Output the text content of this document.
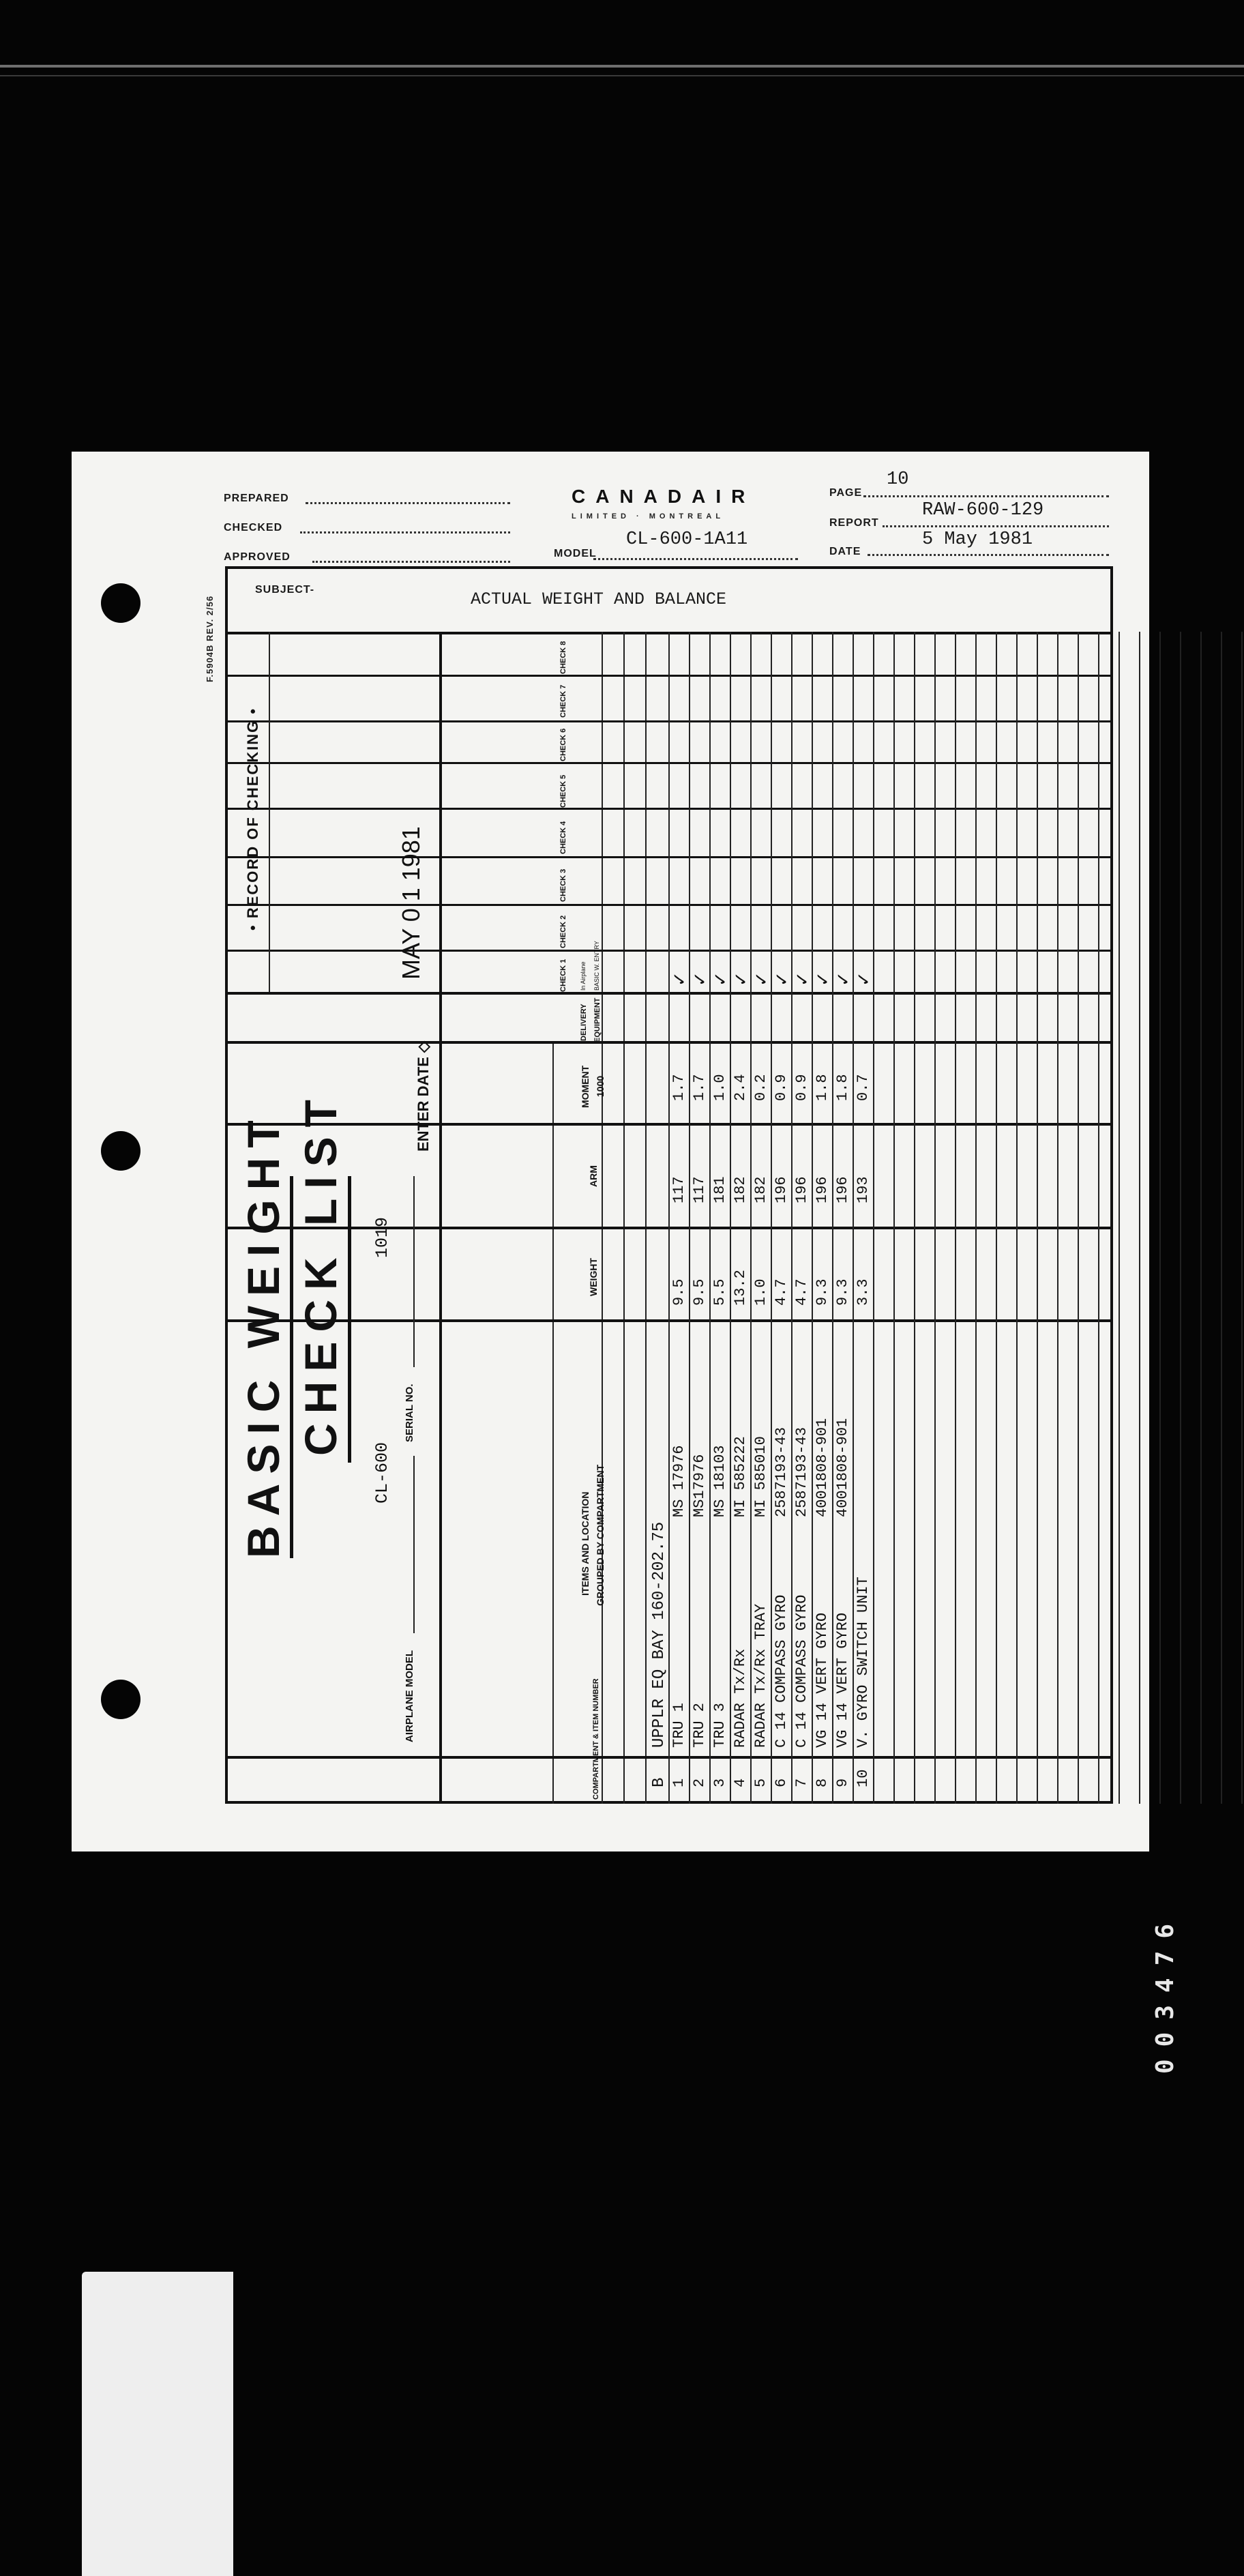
PREPARED
CHECKED
APPROVED
CANADAIR
LIMITED · MONTREAL
MODEL
CL-600-1A11
PAGE
10
REPORT
RAW-600-129
DATE
5 May 1981
F.5904B REV. 2/56
SUBJECT-	ACTUAL WEIGHT AND BALANCE
BASIC WEIGHT CHECK LIST
AIRPLANE MODEL
CL-600
SERIAL NO.
1019
ENTER DATE ◇
• RECORD OF CHECKING •	MAY 0 1 1981
COMPARTMENT & ITEM NUMBER
ITEMS AND LOCATION GROUPED BY COMPARTMENT
WEIGHT
ARM
MOMENT 1000
DELIVERY EQUIPMENT
CHECK 1
CHECK 2
CHECK 3
CHECK 4
CHECK 5
CHECK 6
CHECK 7
CHECK 8
In Airplane BASIC W. ENTRY
B
UPPLR EQ BAY 160-202.75
1
TRU 1
MS 17976
9.5
117
1.7
✓
2
TRU 2
MS17976
9.5
117
1.7
✓
3
TRU 3
MS 18103
5.5
181
1.0
✓
4
RADAR Tx/Rx
MI 585222
13.2
182
2.4
✓
5
RADAR Tx/Rx TRAY
MI 585010
1.0
182
0.2
✓
6
C 14 COMPASS GYRO
2587193-43
4.7
196
0.9
✓
7
C 14 COMPASS GYRO
2587193-43
4.7
196
0.9
✓
8
VG 14 VERT GYRO
4001808-901
9.3
196
1.8
✓
9
VG 14 VERT GYRO
4001808-901
9.3
196
1.8
✓
10
V. GYRO SWITCH UNIT
3.3
193
0.7
✓
003476
